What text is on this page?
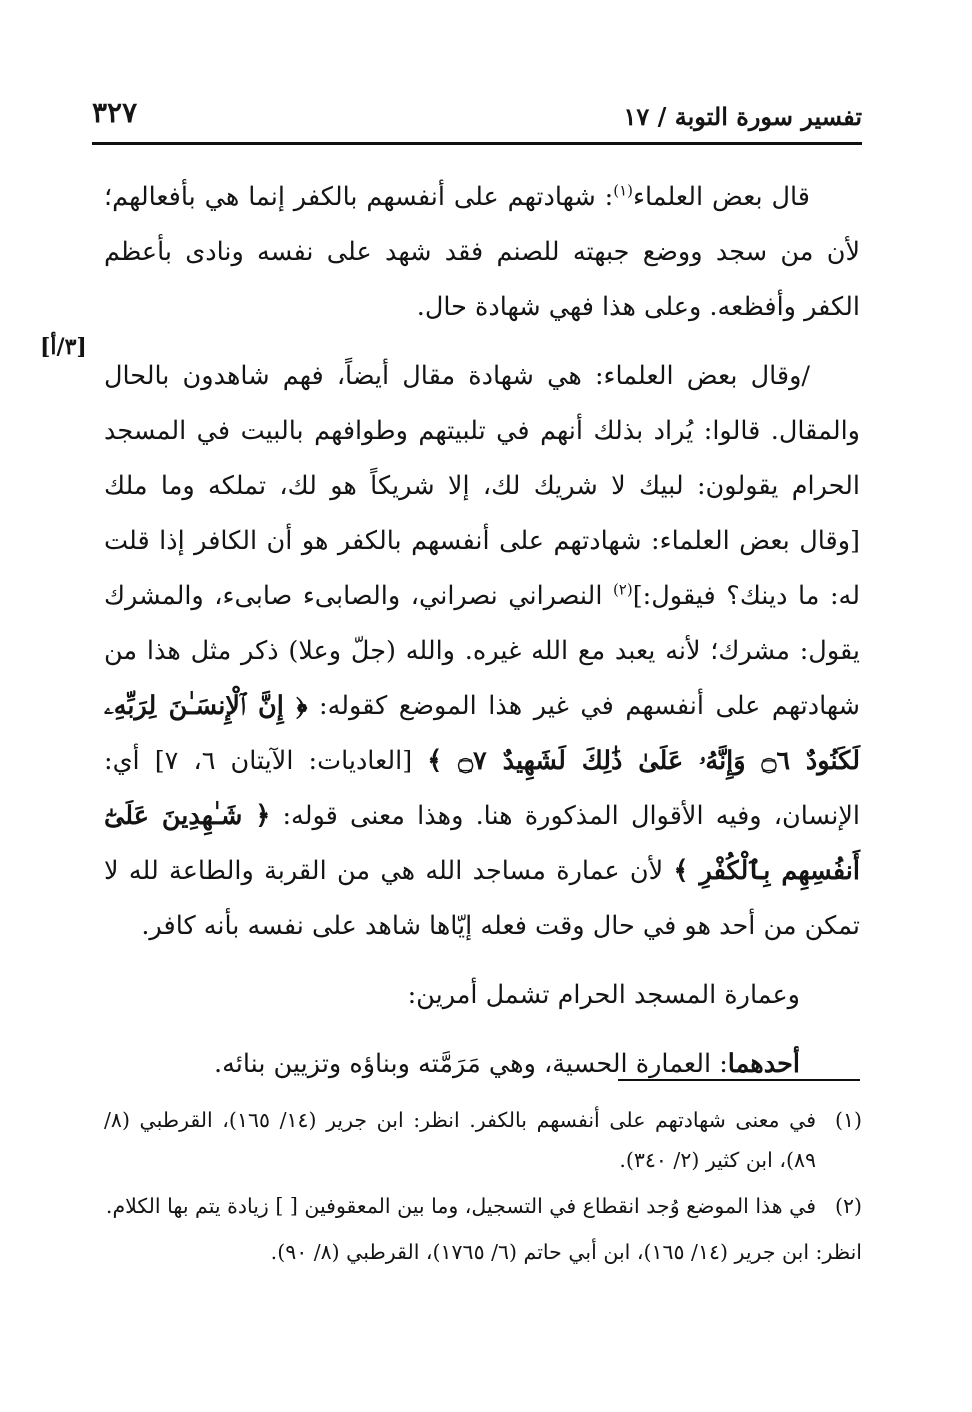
تفسير سورة التوبة / ١٧
٣٢٧
[٣/أ]

قال بعض العلماء$^{(١)}$: شهادتهم على أنفسهم بالكفر إنما هي بأفعالهم؛ لأن من سجد ووضع جبهته للصنم فقد شهد على نفسه ونادى بأعظم الكفر وأفظعه. وعلى هذا فهي شهادة حال.

/وقال بعض العلماء: هي شهادة مقال أيضاً، فهم شاهدون بالحال والمقال. قالوا: يُراد بذلك أنهم في تلبيتهم وطوافهم بالبيت في المسجد الحرام يقولون: لبيك لا شريك لك، إلا شريكاً هو لك، تملكه وما ملك [وقال بعض العلماء: شهادتهم على أنفسهم بالكفر هو أن الكافر إذا قلت له: ما دينك؟ فيقول:]$^{(٢)}$ النصراني نصراني، والصابىء صابىء، والمشرك يقول: مشرك؛ لأنه يعبد مع الله غيره. والله (جلّ وعلا) ذكر مثل هذا من شهادتهم على أنفسهم في غير هذا الموضع كقوله: ﴿ إِنَّ ٱلْإِنسَـٰنَ لِرَبِّهِۦ لَكَنُودٌ ۝٦ وَإِنَّهُۥ عَلَىٰ ذَٰلِكَ لَشَهِيدٌ ۝٧ ﴾ [العاديات: الآيتان ٦، ٧] أي: الإنسان، وفيه الأقوال المذكورة هنا. وهذا معنى قوله: ﴿ شَـٰهِدِينَ عَلَىٰٓ أَنفُسِهِم بِٱلْكُفْرِ ﴾ لأن عمارة مساجد الله هي من القربة والطاعة لله لا تمكن من أحد هو في حال وقت فعله إيّاها شاهد على نفسه بأنه كافر.

وعمارة المسجد الحرام تشمل أمرين:

أحدهما: العمارة الحسية، وهي مَرَمَّته وبناؤه وتزيين بنائه.

(١)في معنى شهادتهم على أنفسهم بالكفر. انظر: ابن جرير (١٤/ ١٦٥)، القرطبي (٨/ ٨٩)، ابن كثير (٢/ ٣٤٠).

(٢)في هذا الموضع وُجد انقطاع في التسجيل، وما بين المعقوفين [ ] زيادة يتم بها الكلام.

انظر: ابن جرير (١٤/ ١٦٥)، ابن أبي حاتم (٦/ ١٧٦٥)، القرطبي (٨/ ٩٠).
